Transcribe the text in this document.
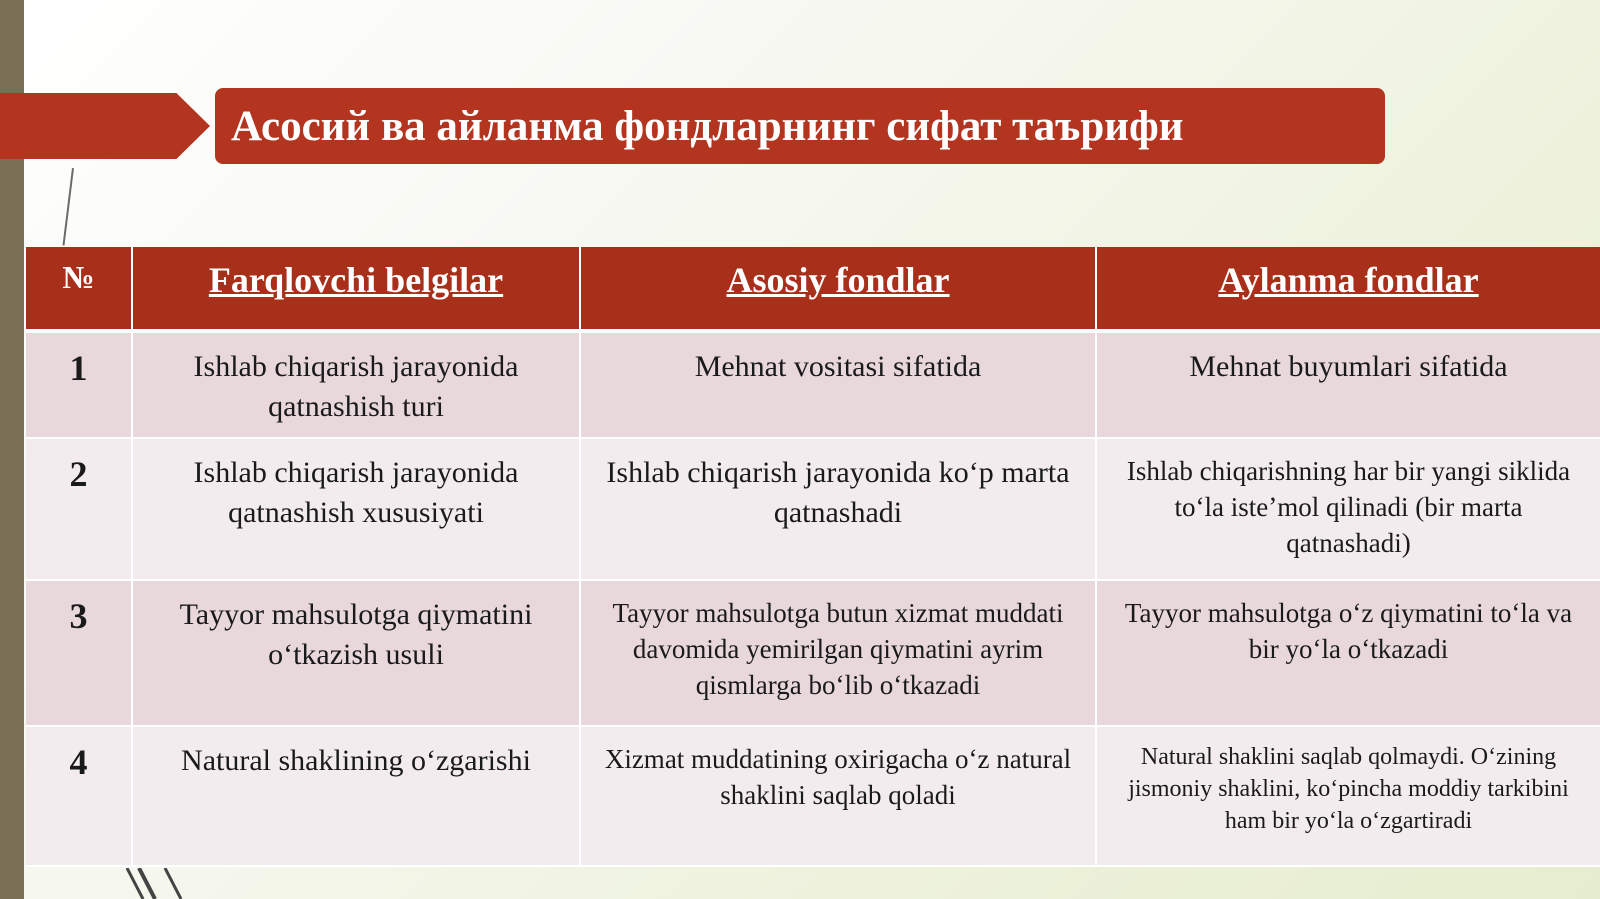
Асосий ва айланма фондларнинг сифат таърифи
№	Farqlovchi belgilar	Asosiy fondlar	Aylanma fondlar
1	Ishlab chiqarish jarayonida qatnashish turi	Mehnat vositasi sifatida	Mehnat buyumlari sifatida
2	Ishlab chiqarish jarayonida qatnashish xususiyati	Ishlab chiqarish jarayonida koʻp marta qatnashadi	Ishlab chiqarishning har bir yangi siklida toʻla isteʼmol qilinadi (bir marta qatnashadi)
3	Tayyor mahsulotga qiymatini oʻtkazish usuli	Tayyor mahsulotga butun xizmat muddati davomida yemirilgan qiymatini ayrim qismlarga boʻlib oʻtkazadi	Tayyor mahsulotga oʻz qiymatini toʻla va bir yoʻla oʻtkazadi
4	Natural shaklining oʻzgarishi	Xizmat muddatining oxirigacha oʻz natural shaklini saqlab qoladi	Natural shaklini saqlab qolmaydi. Oʻzining jismoniy shaklini, koʻpincha moddiy tarkibini ham bir yoʻla oʻzgartiradi
